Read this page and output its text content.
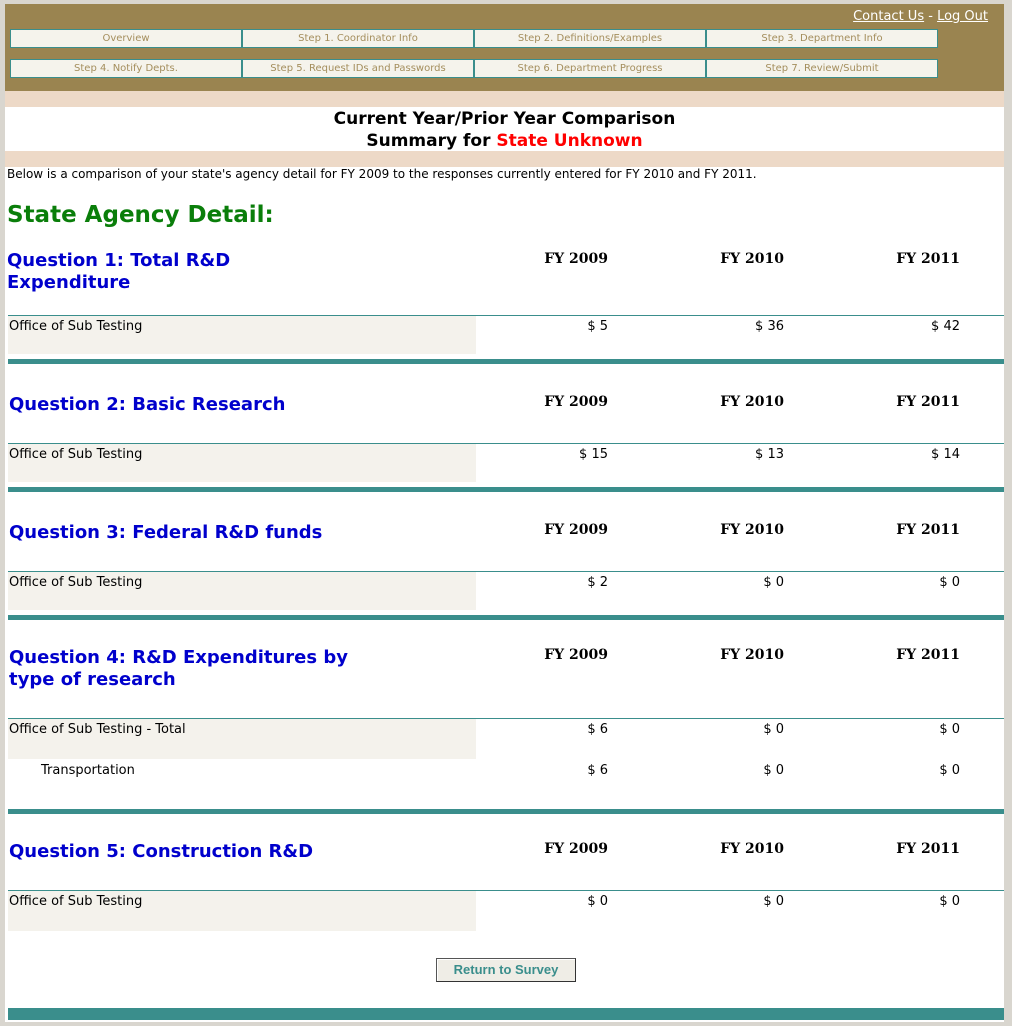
Contact Us - Log Out
Overview	Step 1. Coordinator Info	Step 2. Definitions/Examples	Step 3. Department Info
Step 4. Notify Depts.	Step 5. Request IDs and Passwords	Step 6. Department Progress	Step 7. Review/Submit
Current Year/Prior Year Comparison
Summary for State Unknown
Below is a comparison of your state's agency detail for FY 2009 to the responses currently entered for FY 2010 and FY 2011.
State Agency Detail:
Question 1: Total R&D
Expenditure
FY 2009	FY 2010	FY 2011
Office of Sub Testing	$ 5	$ 36	$ 42
Question 2: Basic Research	FY 2009	FY 2010	FY 2011
Office of Sub Testing	$ 15	$ 13	$ 14
Question 3: Federal R&D funds	FY 2009	FY 2010	FY 2011
Office of Sub Testing	$ 2	$ 0	$ 0
Question 4: R&D Expenditures by
type of research
FY 2009	FY 2010	FY 2011
Office of Sub Testing - Total	$ 6	$ 0	$ 0
Transportation	$ 6	$ 0	$ 0
Question 5: Construction R&D	FY 2009	FY 2010	FY 2011
Office of Sub Testing	$ 0	$ 0	$ 0
Return to Survey
